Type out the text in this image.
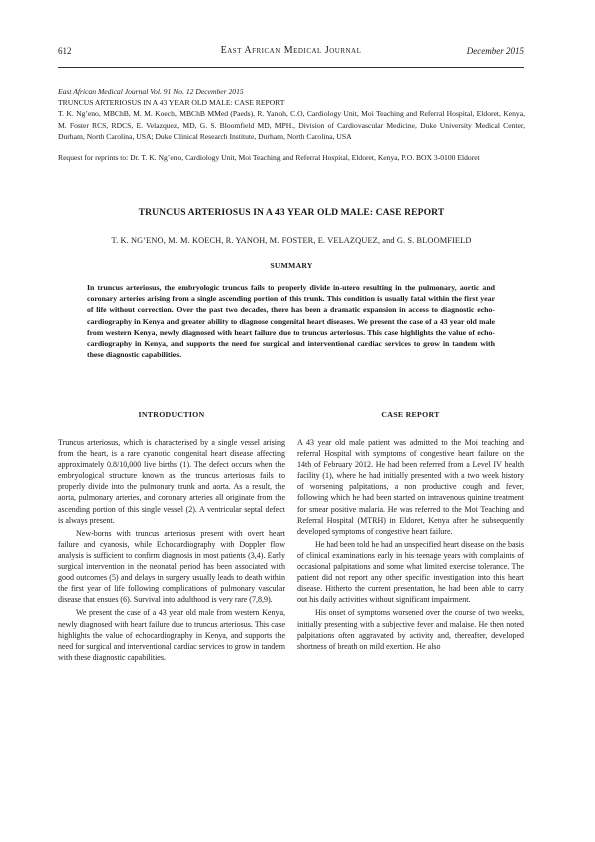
612	East African Medical Journal	December 2015

East African Medical Journal Vol. 91 No. 12 December 2015

TRUNCUS ARTERIOSUS IN A 43 YEAR OLD MALE: CASE REPORT

T. K. Ng’eno, MBChB, M. M. Koech, MBChB MMed (Paeds), R. Yanoh, C.O, Cardiology Unit, Moi Teaching and Referral Hospital, Eldoret, Kenya, M. Foster RCS, RDCS, E. Velazquez, MD, G. S. Bloomfield MD, MPH., Division of Cardiovascular Medicine, Duke University Medical Center, Durham, North Carolina, USA; Duke Clinical Research Institute, Durham, North Carolina, USA

Request for reprints to: Dr. T. K. Ng’eno, Cardiology Unit, Moi Teaching and Referral Hospital, Eldoret, Kenya, P.O. BOX 3-0100 Eldoret

TRUNCUS ARTERIOSUS IN A 43 YEAR OLD MALE: CASE REPORT
T. K. NG’ENO, M. M. KOECH, R. YANOH, M. FOSTER, E. VELAZQUEZ, and G. S. BLOOMFIELD
SUMMARY

In truncus arteriosus, the embryologic truncus fails to properly divide in-utero resulting in the pulmonary, aortic and coronary arteries arising from a single ascending portion of this trunk. This condition is usually fatal within the first year of life without correction. Over the past two decades, there has been a dramatic expansion in access to diagnostic echo-cardiography in Kenya and greater ability to diagnose congenital heart diseases. We present the case of a 43 year old male from western Kenya, newly diagnosed with heart failure due to truncus arteriosus. This case highlights the value of echo-cardiography in Kenya, and supports the need for surgical and interventional cardiac services to grow in tandem with these diagnostic capabilities.

INTRODUCTION

Truncus arteriosus, which is characterised by a single vessel arising from the heart, is a rare cyanotic congenital heart disease affecting approximately 0.8/10,000 live births (1). The defect occurs when the embryological structure known as the truncus arteriosus fails to properly divide into the pulmonary trunk and aorta. As a result, the aorta, pulmonary arteries, and coronary arteries all originate from the ascending portion of this single vessel (2). A ventricular septal defect is always present.

New-borns with truncus arteriosus present with overt heart failure and cyanosis, while Echocardiography with Doppler flow analysis is sufficient to confirm diagnosis in most patients (3,4). Early surgical intervention in the neonatal period has been associated with good outcomes (5) and delays in surgery usually leads to death within the first year of life following complications of pulmonary vascular disease that ensues (6). Survival into adulthood is very rare (7,8,9).

We present the case of a 43 year old male from western Kenya, newly diagnosed with heart failure due to truncus arteriosus. This case highlights the value of echocardiography in Kenya, and supports the need for surgical and interventional cardiac services to grow in tandem with these diagnostic capabilities.

CASE REPORT

A 43 year old male patient was admitted to the Moi teaching and referral Hospital with symptoms of congestive heart failure on the 14th of February 2012. He had been referred from a Level IV health facility (1), where he had initially presented with a two week history of worsening palpitations, a non productive cough and fever, following which he had been started on intravenous quinine treatment for smear positive malaria. He was referred to the Moi Teaching and Referral Hospital (MTRH) in Eldoret, Kenya after he subsequently developed symptoms of congestive heart failure.

He had been told he had an unspecified heart disease on the basis of clinical examinations early in his teenage years with complaints of occasional palpitations and some what limited exercise tolerance. The patient did not report any other specific investigation into this heart disease. Hitherto the current presentation, he had been able to carry out his daily activities without significant impairment.

His onset of symptoms worsened over the course of two weeks, initially presenting with a subjective fever and malaise. He then noted palpitations often aggravated by activity and, thereafter, developed shortness of breath on mild exertion. He also
